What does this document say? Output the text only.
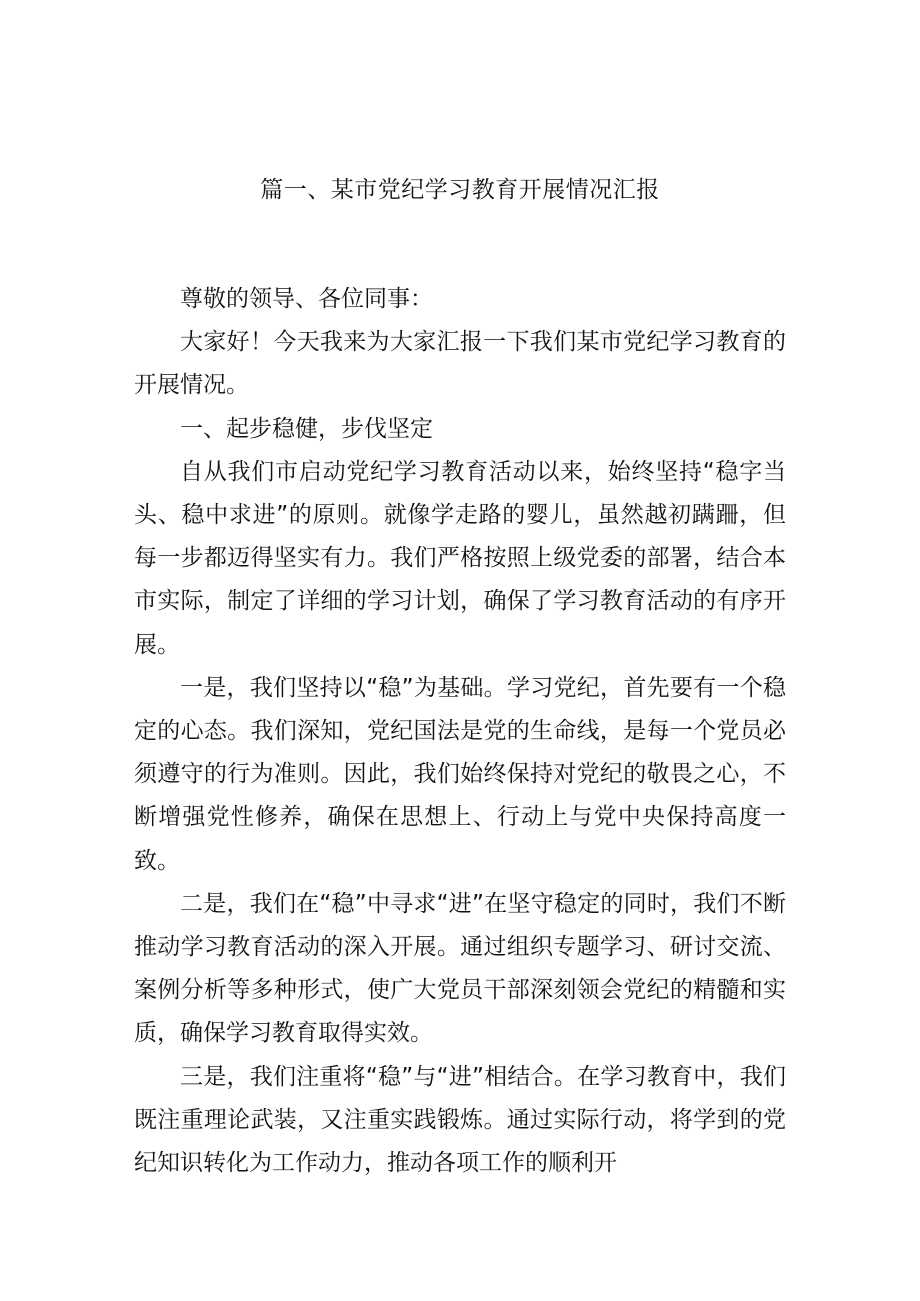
篇一、某市党纪学习教育开展情况汇报

尊敬的领导、各位同事：

大家好！今天我来为大家汇报一下我们某市党纪学习教育的开展情况。

一、起步稳健，步伐坚定

自从我们市启动党纪学习教育活动以来，始终坚持“稳字当头、稳中求进”的原则。就像学走路的婴儿，虽然越初蹒跚，但每一步都迈得坚实有力。我们严格按照上级党委的部署，结合本市实际，制定了详细的学习计划，确保了学习教育活动的有序开展。

一是，我们坚持以“稳”为基础。学习党纪，首先要有一个稳定的心态。我们深知，党纪国法是党的生命线，是每一个党员必须遵守的行为准则。因此，我们始终保持对党纪的敬畏之心，不断增强党性修养，确保在思想上、行动上与党中央保持高度一致。

二是，我们在“稳”中寻求“进”在坚守稳定的同时，我们不断推动学习教育活动的深入开展。通过组织专题学习、研讨交流、案例分析等多种形式，使广大党员干部深刻领会党纪的精髓和实质，确保学习教育取得实效。

三是，我们注重将“稳”与“进”相结合。在学习教育中，我们既注重理论武装，又注重实践锻炼。通过实际行动，将学到的党纪知识转化为工作动力，推动各项工作的顺利开
